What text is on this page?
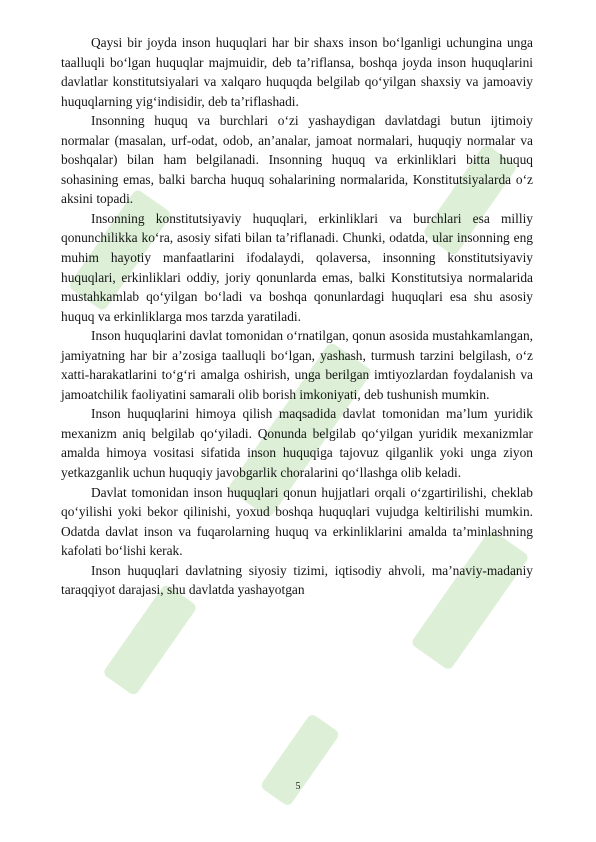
Qaysi bir joyda inson huquqlari har bir shaxs inson bo‘lganligi uchungina unga taalluqli bo‘lgan huquqlar majmuidir, deb ta’riflansa, boshqa joyda inson huquqlarini davlatlar konstitutsiyalari va xalqaro huquqda belgilab qo‘yilgan shaxsiy va jamoaviy huquqlarning yig‘indisidir, deb ta’riflashadi.

Insonning huquq va burchlari o‘zi yashaydigan davlatdagi butun ijtimoiy normalar (masalan, urf-odat, odob, an’analar, jamoat normalari, huquqiy normalar va boshqalar) bilan ham belgilanadi. Insonning huquq va erkinliklari bitta huquq sohasining emas, balki barcha huquq sohalarining normalarida, Konstitutsiyalarda o‘z aksini topadi.

Insonning konstitutsiyaviy huquqlari, erkinliklari va burchlari esa milliy qonunchilikka ko‘ra, asosiy sifati bilan ta’riflanadi. Chunki, odatda, ular insonning eng muhim hayotiy manfaatlarini ifodalaydi, qolaversa, insonning konstitutsiyaviy huquqlari, erkinliklari oddiy, joriy qonunlarda emas, balki Konstitutsiya normalarida mustahkamlab qo‘yilgan bo‘ladi va boshqa qonunlardagi huquqlari esa shu asosiy huquq va erkinliklarga mos tarzda yaratiladi.

Inson huquqlarini davlat tomonidan o‘rnatilgan, qonun asosida mustahkamlangan, jamiyatning har bir a’zosiga taalluqli bo‘lgan, yashash, turmush tarzini belgilash, o‘z xatti-harakatlarini to‘g‘ri amalga oshirish, unga berilgan imtiyozlardan foydalanish va jamoatchilik faoliyatini samarali olib borish imkoniyati, deb tushunish mumkin.

Inson huquqlarini himoya qilish maqsadida davlat tomonidan ma’lum yuridik mexanizm aniq belgilab qo‘yiladi. Qonunda belgilab qo‘yilgan yuridik mexanizmlar amalda himoya vositasi sifatida inson huquqiga tajovuz qilganlik yoki unga ziyon yetkazganlik uchun huquqiy javobgarlik choralarini qo‘llashga olib keladi.

Davlat tomonidan inson huquqlari qonun hujjatlari orqali o‘zgartirilishi, cheklab qo‘yilishi yoki bekor qilinishi, yoxud boshqa huquqlari vujudga keltirilishi mumkin. Odatda davlat inson va fuqarolarning huquq va erkinliklarini amalda ta’minlashning kafolati bo‘lishi kerak.

Inson huquqlari davlatning siyosiy tizimi, iqtisodiy ahvoli, ma’naviy-madaniy taraqqiyot darajasi, shu davlatda yashayotgan

5
